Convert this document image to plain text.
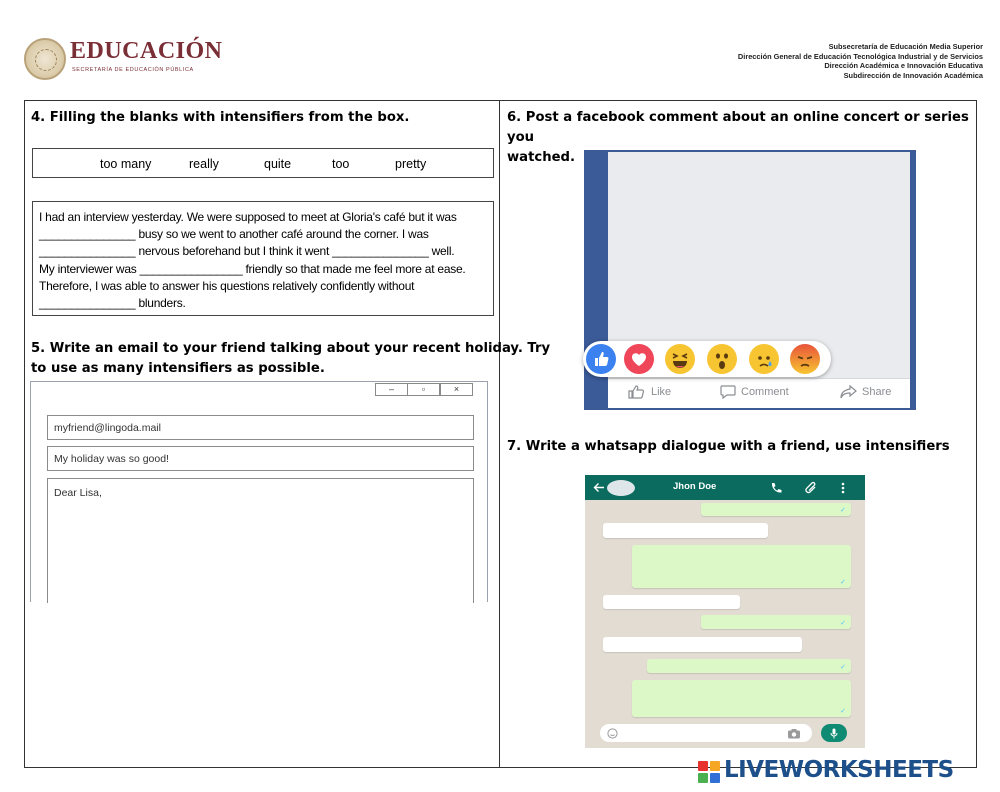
EDUCACIÓN
SECRETARÍA DE EDUCACIÓN PÚBLICA
Subsecretaría de Educación Media Superior
Dirección General de Educación Tecnológica Industrial y de Servicios
Dirección Académica e Innovación Educativa
Subdirección de Innovación Académica
4. Filling the blanks with intensifiers from the box.
too many	really	quite	too	pretty

I had an interview yesterday. We were supposed to meet at Gloria's café but it was

_______________ busy so we went to another café around the corner. I was

_______________ nervous beforehand but I think it went _______________ well.

My interviewer was ________________ friendly so that made me feel more at ease.

Therefore, I was able to answer his questions relatively confidently without

_______________ blunders.

5. Write an email to your friend talking about your recent holiday. Try
to use as many intensifiers as possible.
–	▫	×
myfriend@lingoda.mail
My holiday was so good!
Dear Lisa,
6. Post a facebook comment about an online concert or series you
watched.
Like	Comment	Share
7. Write a whatsapp dialogue with a friend, use intensifiers
Jhon Doe
✓
✓
✓
✓
✓
LIVEWORKSHEETS
